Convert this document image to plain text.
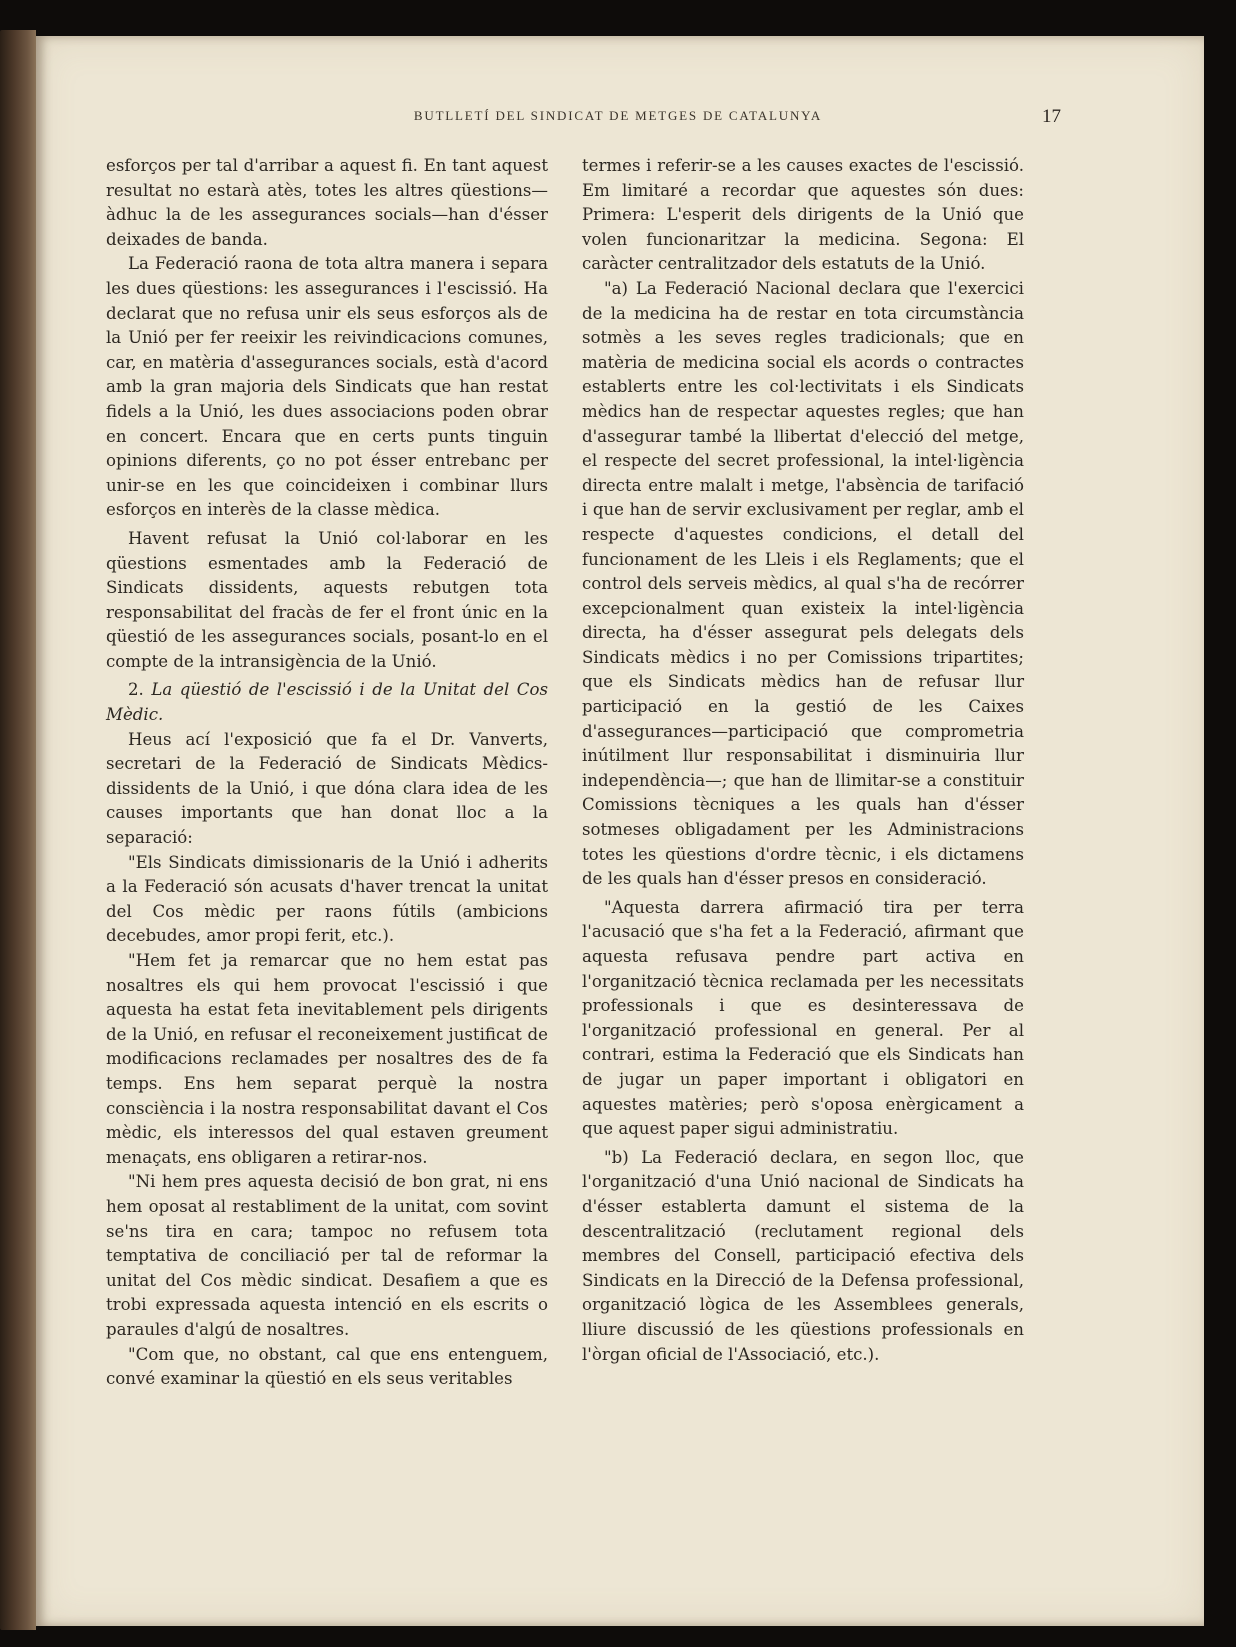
BUTLLETÍ DEL SINDICAT DE METGES DE CATALUNYA	17

esforços per tal d'arribar a aquest fi. En tant aquest resultat no estarà atès, totes les altres qüestions—àdhuc la de les assegurances socials—han d'ésser deixades de banda.

La Federació raona de tota altra manera i separa les dues qüestions: les assegurances i l'escissió. Ha declarat que no refusa unir els seus esforços als de la Unió per fer reeixir les reivindicacions comunes, car, en matèria d'assegurances socials, està d'acord amb la gran majoria dels Sindicats que han restat fidels a la Unió, les dues associacions poden obrar en concert. Encara que en certs punts tinguin opinions diferents, ço no pot ésser entrebanc per unir-se en les que coincideixen i combinar llurs esforços en interès de la classe mèdica.

Havent refusat la Unió col·laborar en les qüestions esmentades amb la Federació de Sindicats dissidents, aquests rebutgen tota responsabilitat del fracàs de fer el front únic en la qüestió de les assegurances socials, posant-lo en el compte de la intransigència de la Unió.

2. La qüestió de l'escissió i de la Unitat del Cos Mèdic.

Heus ací l'exposició que fa el Dr. Vanverts, secretari de la Federació de Sindicats Mèdics-dissidents de la Unió, i que dóna clara idea de les causes importants que han donat lloc a la separació:

"Els Sindicats dimissionaris de la Unió i adherits a la Federació són acusats d'haver trencat la unitat del Cos mèdic per raons fútils (ambicions decebudes, amor propi ferit, etc.).

"Hem fet ja remarcar que no hem estat pas nosaltres els qui hem provocat l'escissió i que aquesta ha estat feta inevitablement pels dirigents de la Unió, en refusar el reconeixement justificat de modificacions reclamades per nosaltres des de fa temps. Ens hem separat perquè la nostra consciència i la nostra responsabilitat davant el Cos mèdic, els interessos del qual estaven greument menaçats, ens obligaren a retirar-nos.

"Ni hem pres aquesta decisió de bon grat, ni ens hem oposat al restabliment de la unitat, com sovint se'ns tira en cara; tampoc no refusem tota temptativa de conciliació per tal de reformar la unitat del Cos mèdic sindicat. Desafiem a que es trobi expressada aquesta intenció en els escrits o paraules d'algú de nosaltres.

"Com que, no obstant, cal que ens entenguem, convé examinar la qüestió en els seus veritables

termes i referir-se a les causes exactes de l'escissió. Em limitaré a recordar que aquestes són dues: Primera: L'esperit dels dirigents de la Unió que volen funcionaritzar la medicina. Segona: El caràcter centralitzador dels estatuts de la Unió.

"a) La Federació Nacional declara que l'exercici de la medicina ha de restar en tota circumstància sotmès a les seves regles tradicionals; que en matèria de medicina social els acords o contractes establerts entre les col·lectivitats i els Sindicats mèdics han de respectar aquestes regles; que han d'assegurar també la llibertat d'elecció del metge, el respecte del secret professional, la intel·ligència directa entre malalt i metge, l'absència de tarifació i que han de servir exclusivament per reglar, amb el respecte d'aquestes condicions, el detall del funcionament de les Lleis i els Reglaments; que el control dels serveis mèdics, al qual s'ha de recórrer excepcionalment quan existeix la intel·ligència directa, ha d'ésser assegurat pels delegats dels Sindicats mèdics i no per Comissions tripartites; que els Sindicats mèdics han de refusar llur participació en la gestió de les Caixes d'assegurances—participació que comprometria inútilment llur responsabilitat i disminuiria llur independència—; que han de llimitar-se a constituir Comissions tècniques a les quals han d'ésser sotmeses obligadament per les Administracions totes les qüestions d'ordre tècnic, i els dictamens de les quals han d'ésser presos en consideració.

"Aquesta darrera afirmació tira per terra l'acusació que s'ha fet a la Federació, afirmant que aquesta refusava pendre part activa en l'organització tècnica reclamada per les necessitats professionals i que es desinteressava de l'organització professional en general. Per al contrari, estima la Federació que els Sindicats han de jugar un paper important i obligatori en aquestes matèries; però s'oposa enèrgicament a que aquest paper sigui administratiu.

"b) La Federació declara, en segon lloc, que l'organització d'una Unió nacional de Sindicats ha d'ésser establerta damunt el sistema de la descentralització (reclutament regional dels membres del Consell, participació efectiva dels Sindicats en la Direcció de la Defensa professional, organització lògica de les Assemblees generals, lliure discussió de les qüestions professionals en l'òrgan oficial de l'Associació, etc.).
